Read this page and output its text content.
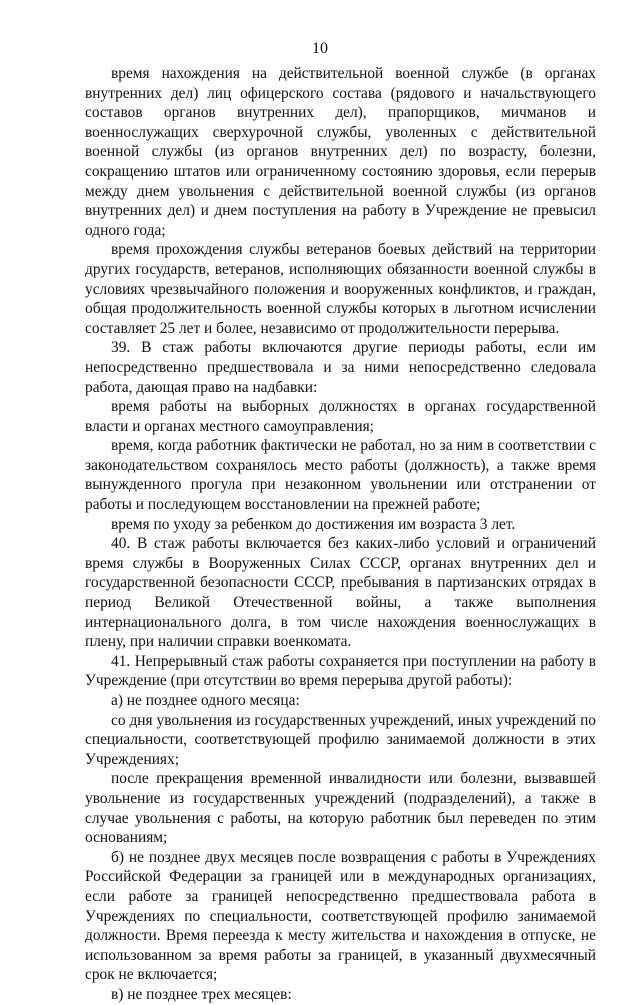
10

время нахождения на действительной военной службе (в органах внутренних дел) лиц офицерского состава (рядового и начальствующего составов органов внутренних дел), прапорщиков, мичманов и военнослужащих сверхурочной службы, уволенных с действительной военной службы (из органов внутренних дел) по возрасту, болезни, сокращению штатов или ограниченному состоянию здоровья, если перерыв между днем увольнения с действительной военной службы (из органов внутренних дел) и днем поступления на работу в Учреждение не превысил одного года;

время прохождения службы ветеранов боевых действий на территории других государств, ветеранов, исполняющих обязанности военной службы в условиях чрезвычайного положения и вооруженных конфликтов, и граждан, общая продолжительность военной службы которых в льготном исчислении составляет 25 лет и более, независимо от продолжительности перерыва.

39. В стаж работы включаются другие периоды работы, если им непосредственно предшествовала и за ними непосредственно следовала работа, дающая право на надбавки:

время работы на выборных должностях в органах государственной власти и органах местного самоуправления;

время, когда работник фактически не работал, но за ним в соответствии с законодательством сохранялось место работы (должность), а также время вынужденного прогула при незаконном увольнении или отстранении от работы и последующем восстановлении на прежней работе;

время по уходу за ребенком до достижения им возраста 3 лет.

40. В стаж работы включается без каких-либо условий и ограничений время службы в Вооруженных Силах СССР, органах внутренних дел и государственной безопасности СССР, пребывания в партизанских отрядах в период Великой Отечественной войны, а также выполнения интернационального долга, в том числе нахождения военнослужащих в плену, при наличии справки военкомата.

41. Непрерывный стаж работы сохраняется при поступлении на работу в Учреждение (при отсутствии во время перерыва другой работы):

а) не позднее одного месяца:

со дня увольнения из государственных учреждений, иных учреждений по специальности, соответствующей профилю занимаемой должности в этих Учреждениях;

после прекращения временной инвалидности или болезни, вызвавшей увольнение из государственных учреждений (подразделений), а также в случае увольнения с работы, на которую работник был переведен по этим основаниям;

б) не позднее двух месяцев после возвращения с работы в Учреждениях Российской Федерации за границей или в международных организациях, если работе за границей непосредственно предшествовала работа в Учреждениях по специальности, соответствующей профилю занимаемой должности. Время переезда к месту жительства и нахождения в отпуске, не использованном за время работы за границей, в указанный двухмесячный срок не включается;

в) не позднее трех месяцев:
